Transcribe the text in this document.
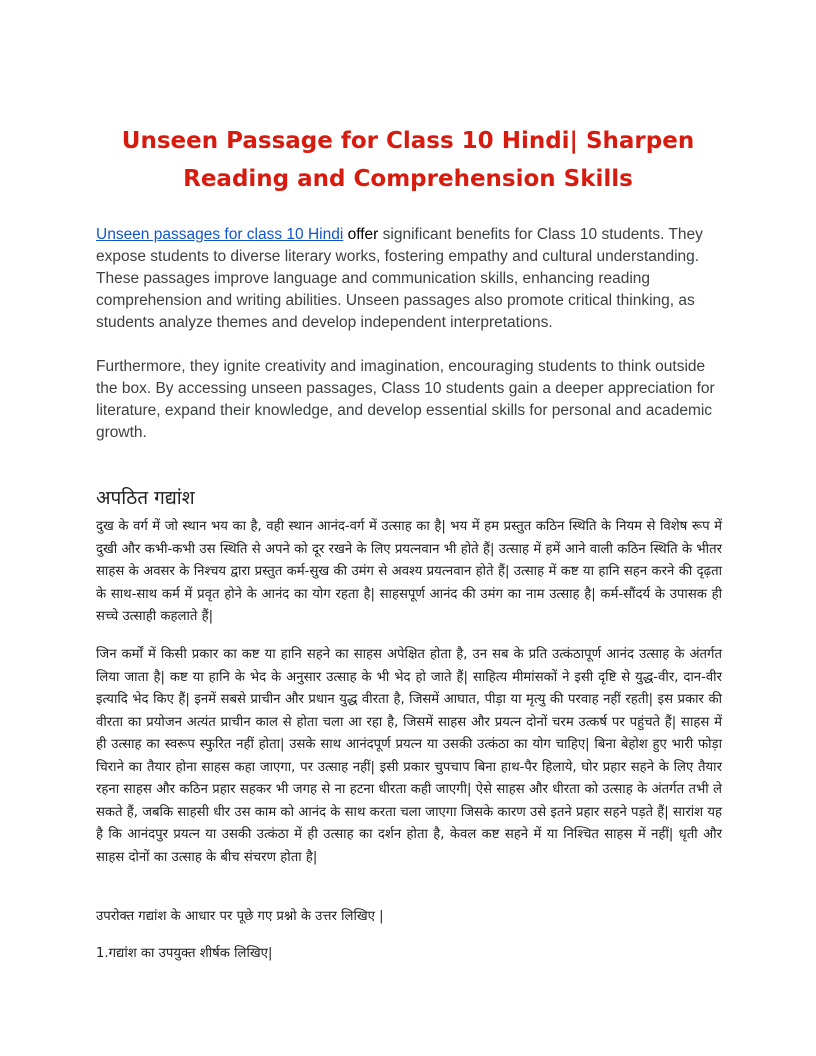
Unseen Passage for Class 10 Hindi| Sharpen Reading and Comprehension Skills

Unseen passages for class 10 Hindi offer significant benefits for Class 10 students. They expose students to diverse literary works, fostering empathy and cultural understanding. These passages improve language and communication skills, enhancing reading comprehension and writing abilities. Unseen passages also promote critical thinking, as students analyze themes and develop independent interpretations.

Furthermore, they ignite creativity and imagination, encouraging students to think outside the box. By accessing unseen passages, Class 10 students gain a deeper appreciation for literature, expand their knowledge, and develop essential skills for personal and academic growth.

अपठित गद्यांश

दुख के वर्ग में जो स्थान भय का है, वही स्थान आनंद-वर्ग में उत्साह का है| भय में हम प्रस्तुत कठिन स्थिति के नियम से विशेष रूप में दुखी और कभी-कभी उस स्थिति से अपने को दूर रखने के लिए प्रयत्नवान भी होते हैं| उत्साह में हमें आने वाली कठिन स्थिति के भीतर साहस के अवसर के निश्चय द्वारा प्रस्तुत कर्म-सुख की उमंग से अवश्य प्रयत्नवान होते हैं| उत्साह में कष्ट या हानि सहन करने की दृढ़ता के साथ-साथ कर्म में प्रवृत होने के आनंद का योग रहता है| साहसपूर्ण आनंद की उमंग का नाम उत्साह है| कर्म-सौंदर्य के उपासक ही सच्चे उत्साही कहलाते हैं|

जिन कर्मों में किसी प्रकार का कष्ट या हानि सहने का साहस अपेक्षित होता है, उन सब के प्रति उत्कंठापूर्ण आनंद उत्साह के अंतर्गत लिया जाता है| कष्ट या हानि के भेद के अनुसार उत्साह के भी भेद हो जाते हैं| साहित्य मीमांसकों ने इसी दृष्टि से युद्ध-वीर, दान-वीर इत्यादि भेद किए हैं| इनमें सबसे प्राचीन और प्रधान युद्ध वीरता है, जिसमें आघात, पीड़ा या मृत्यु की परवाह नहीं रहती| इस प्रकार की वीरता का प्रयोजन अत्यंत प्राचीन काल से होता चला आ रहा है, जिसमें साहस और प्रयत्न दोनों चरम उत्कर्ष पर पहुंचते हैं| साहस में ही उत्साह का स्वरूप स्फुरित नहीं होता| उसके साथ आनंदपूर्ण प्रयत्न या उसकी उत्कंठा का योग चाहिए| बिना बेहोश हुए भारी फोड़ा चिराने का तैयार होना साहस कहा जाएगा, पर उत्साह नहीं| इसी प्रकार चुपचाप बिना हाथ-पैर हिलाये, घोर प्रहार सहने के लिए तैयार रहना साहस और कठिन प्रहार सहकर भी जगह से ना हटना धीरता कही जाएगी| ऐसे साहस और धीरता को उत्साह के अंतर्गत तभी ले सकते हैं, जबकि साहसी धीर उस काम को आनंद के साथ करता चला जाएगा जिसके कारण उसे इतने प्रहार सहने पड़ते हैं| सारांश यह है कि आनंदपुर प्रयत्न या उसकी उत्कंठा में ही उत्साह का दर्शन होता है, केवल कष्ट सहने में या निश्चित साहस में नहीं| धृती और साहस दोनों का उत्साह के बीच संचरण होता है|

उपरोक्त गद्यांश के आधार पर पूछे गए प्रश्नो के उत्तर लिखिए |

1.गद्यांश का उपयुक्त शीर्षक लिखिए|
